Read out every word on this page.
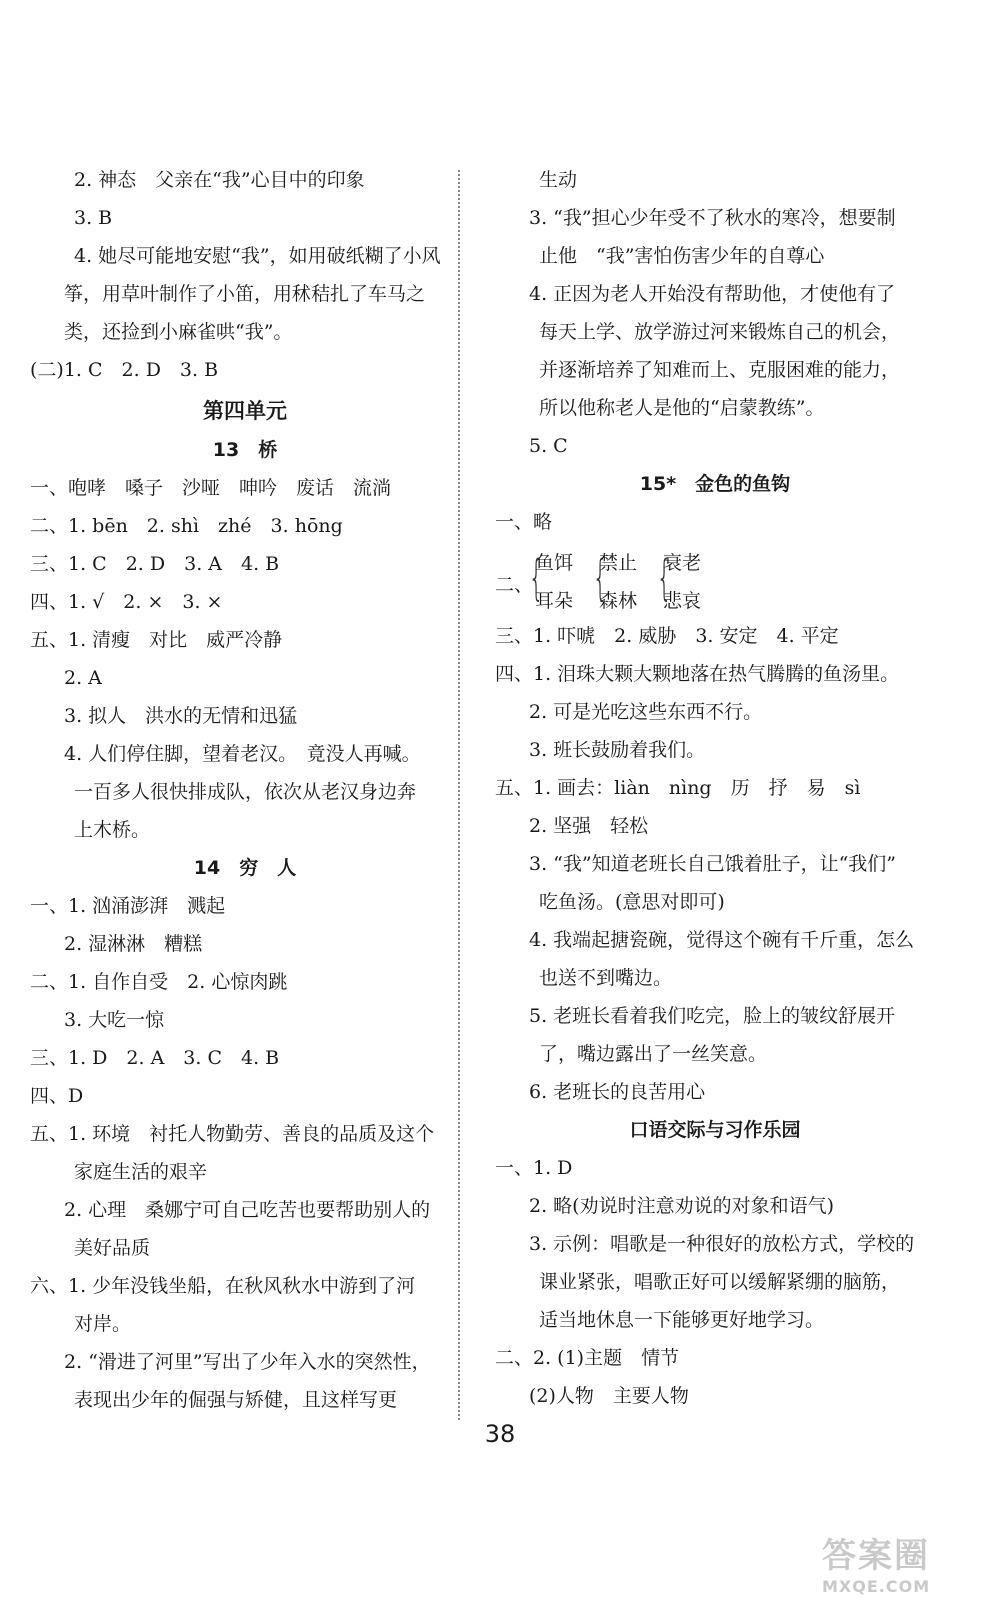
2. 神态　父亲在“我”心目中的印象
3. B
4. 她尽可能地安慰“我”，如用破纸糊了小风
筝，用草叶制作了小笛，用秫秸扎了车马之
类，还捡到小麻雀哄“我”。
(二)1. C　2. D　3. B
第四单元
13　桥
一、咆哮　嗓子　沙哑　呻吟　废话　流淌
二、1. bēn　2. shì　zhé　3. hōng
三、1. C　2. D　3. A　4. B
四、1. √　2. ×　3. ×
五、1. 清瘦　对比　威严冷静
2. A
3. 拟人　洪水的无情和迅猛
4. 人们停住脚，望着老汉。　竟没人再喊。
一百多人很快排成队，依次从老汉身边奔
上木桥。
14　穷　人
一、1. 汹涌澎湃　溅起
2. 湿淋淋　糟糕
二、1. 自作自受　2. 心惊肉跳
3. 大吃一惊
三、1. D　2. A　3. C　4. B
四、D
五、1. 环境　衬托人物勤劳、善良的品质及这个
家庭生活的艰辛
2. 心理　桑娜宁可自己吃苦也要帮助别人的
美好品质
六、1. 少年没钱坐船，在秋风秋水中游到了河
对岸。
2. “滑进了河里”写出了少年入水的突然性，
表现出少年的倔强与矫健，且这样写更
生动
3. “我”担心少年受不了秋水的寒冷，想要制
止他　“我”害怕伤害少年的自尊心
4. 正因为老人开始没有帮助他，才使他有了
每天上学、放学游过河来锻炼自己的机会，
并逐渐培养了知难而上、克服困难的能力，
所以他称老人是他的“启蒙教练”。
5. C
15*　金色的鱼钩
一、略
三、1. 吓唬　2. 威胁　3. 安定　4. 平定
四、1. 泪珠大颗大颗地落在热气腾腾的鱼汤里。
2. 可是光吃这些东西不行。
3. 班长鼓励着我们。
五、1. 画去：liàn　nìng　历　抒　易　sì
2. 坚强　轻松
3. “我”知道老班长自己饿着肚子，让“我们”
吃鱼汤。(意思对即可)
4. 我端起搪瓷碗，觉得这个碗有千斤重，怎么
也送不到嘴边。
5. 老班长看着我们吃完，脸上的皱纹舒展开
了，嘴边露出了一丝笑意。
6. 老班长的良苦用心
口语交际与习作乐园
一、1. D
2. 略(劝说时注意劝说的对象和语气)
3. 示例：唱歌是一种很好的放松方式，学校的
课业紧张，唱歌正好可以缓解紧绷的脑筋，
适当地休息一下能够更好地学习。
二、2. (1)主题　情节
(2)人物　主要人物
二、
{
鱼饵
耳朵 {
禁止
森林 {
衰老
悲哀
38
答案圈
MXQE.COM
